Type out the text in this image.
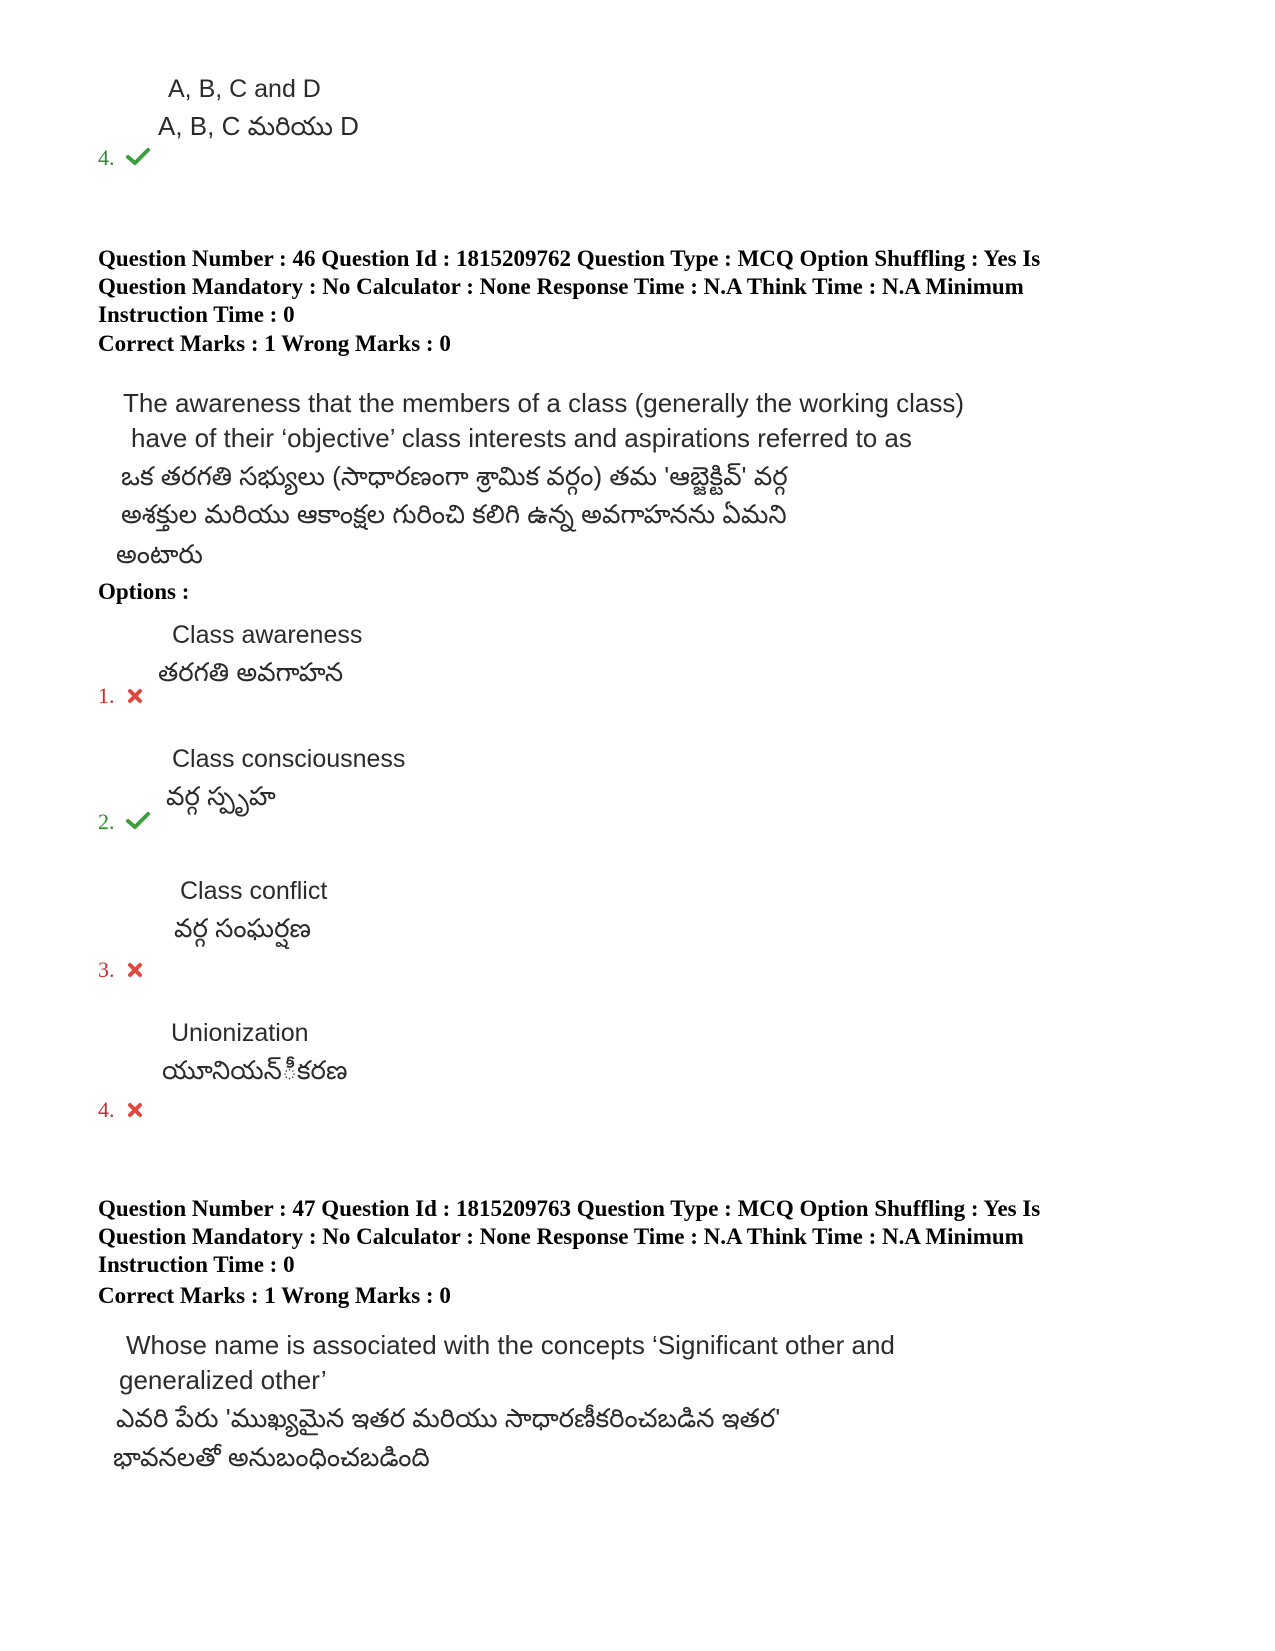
A, B, C and D
A, B, C మరియు D
4.
Question Number : 46 Question Id : 1815209762 Question Type : MCQ Option Shuffling : Yes Is
Question Mandatory : No Calculator : None Response Time : N.A Think Time : N.A Minimum
Instruction Time : 0
Correct Marks : 1 Wrong Marks : 0
The awareness that the members of a class (generally the working class)
have of their ‘objective’ class interests and aspirations referred to as
ఒక తరగతి సభ్యులు (సాధారణంగా శ్రామిక వర్గం) తమ 'ఆబ్జెక్టివ్' వర్గ
అశక్తుల మరియు ఆకాంక్షల గురించి కలిగి ఉన్న అవగాహనను ఏమని
అంటారు
Options :
Class awareness
తరగతి అవగాహన
1.
Class consciousness
వర్గ స్పృహ
2.
Class conflict
వర్గ సంఘర్షణ
3.
Unionization
యూనియన్‌ీకరణ
4.
Question Number : 47 Question Id : 1815209763 Question Type : MCQ Option Shuffling : Yes Is
Question Mandatory : No Calculator : None Response Time : N.A Think Time : N.A Minimum
Instruction Time : 0
Correct Marks : 1 Wrong Marks : 0
Whose name is associated with the concepts ‘Significant other and
generalized other’
ఎవరి పేరు 'ముఖ్యమైన ఇతర మరియు సాధారణీకరించబడిన ఇతర'
భావనలతో అనుబంధించబడింది
